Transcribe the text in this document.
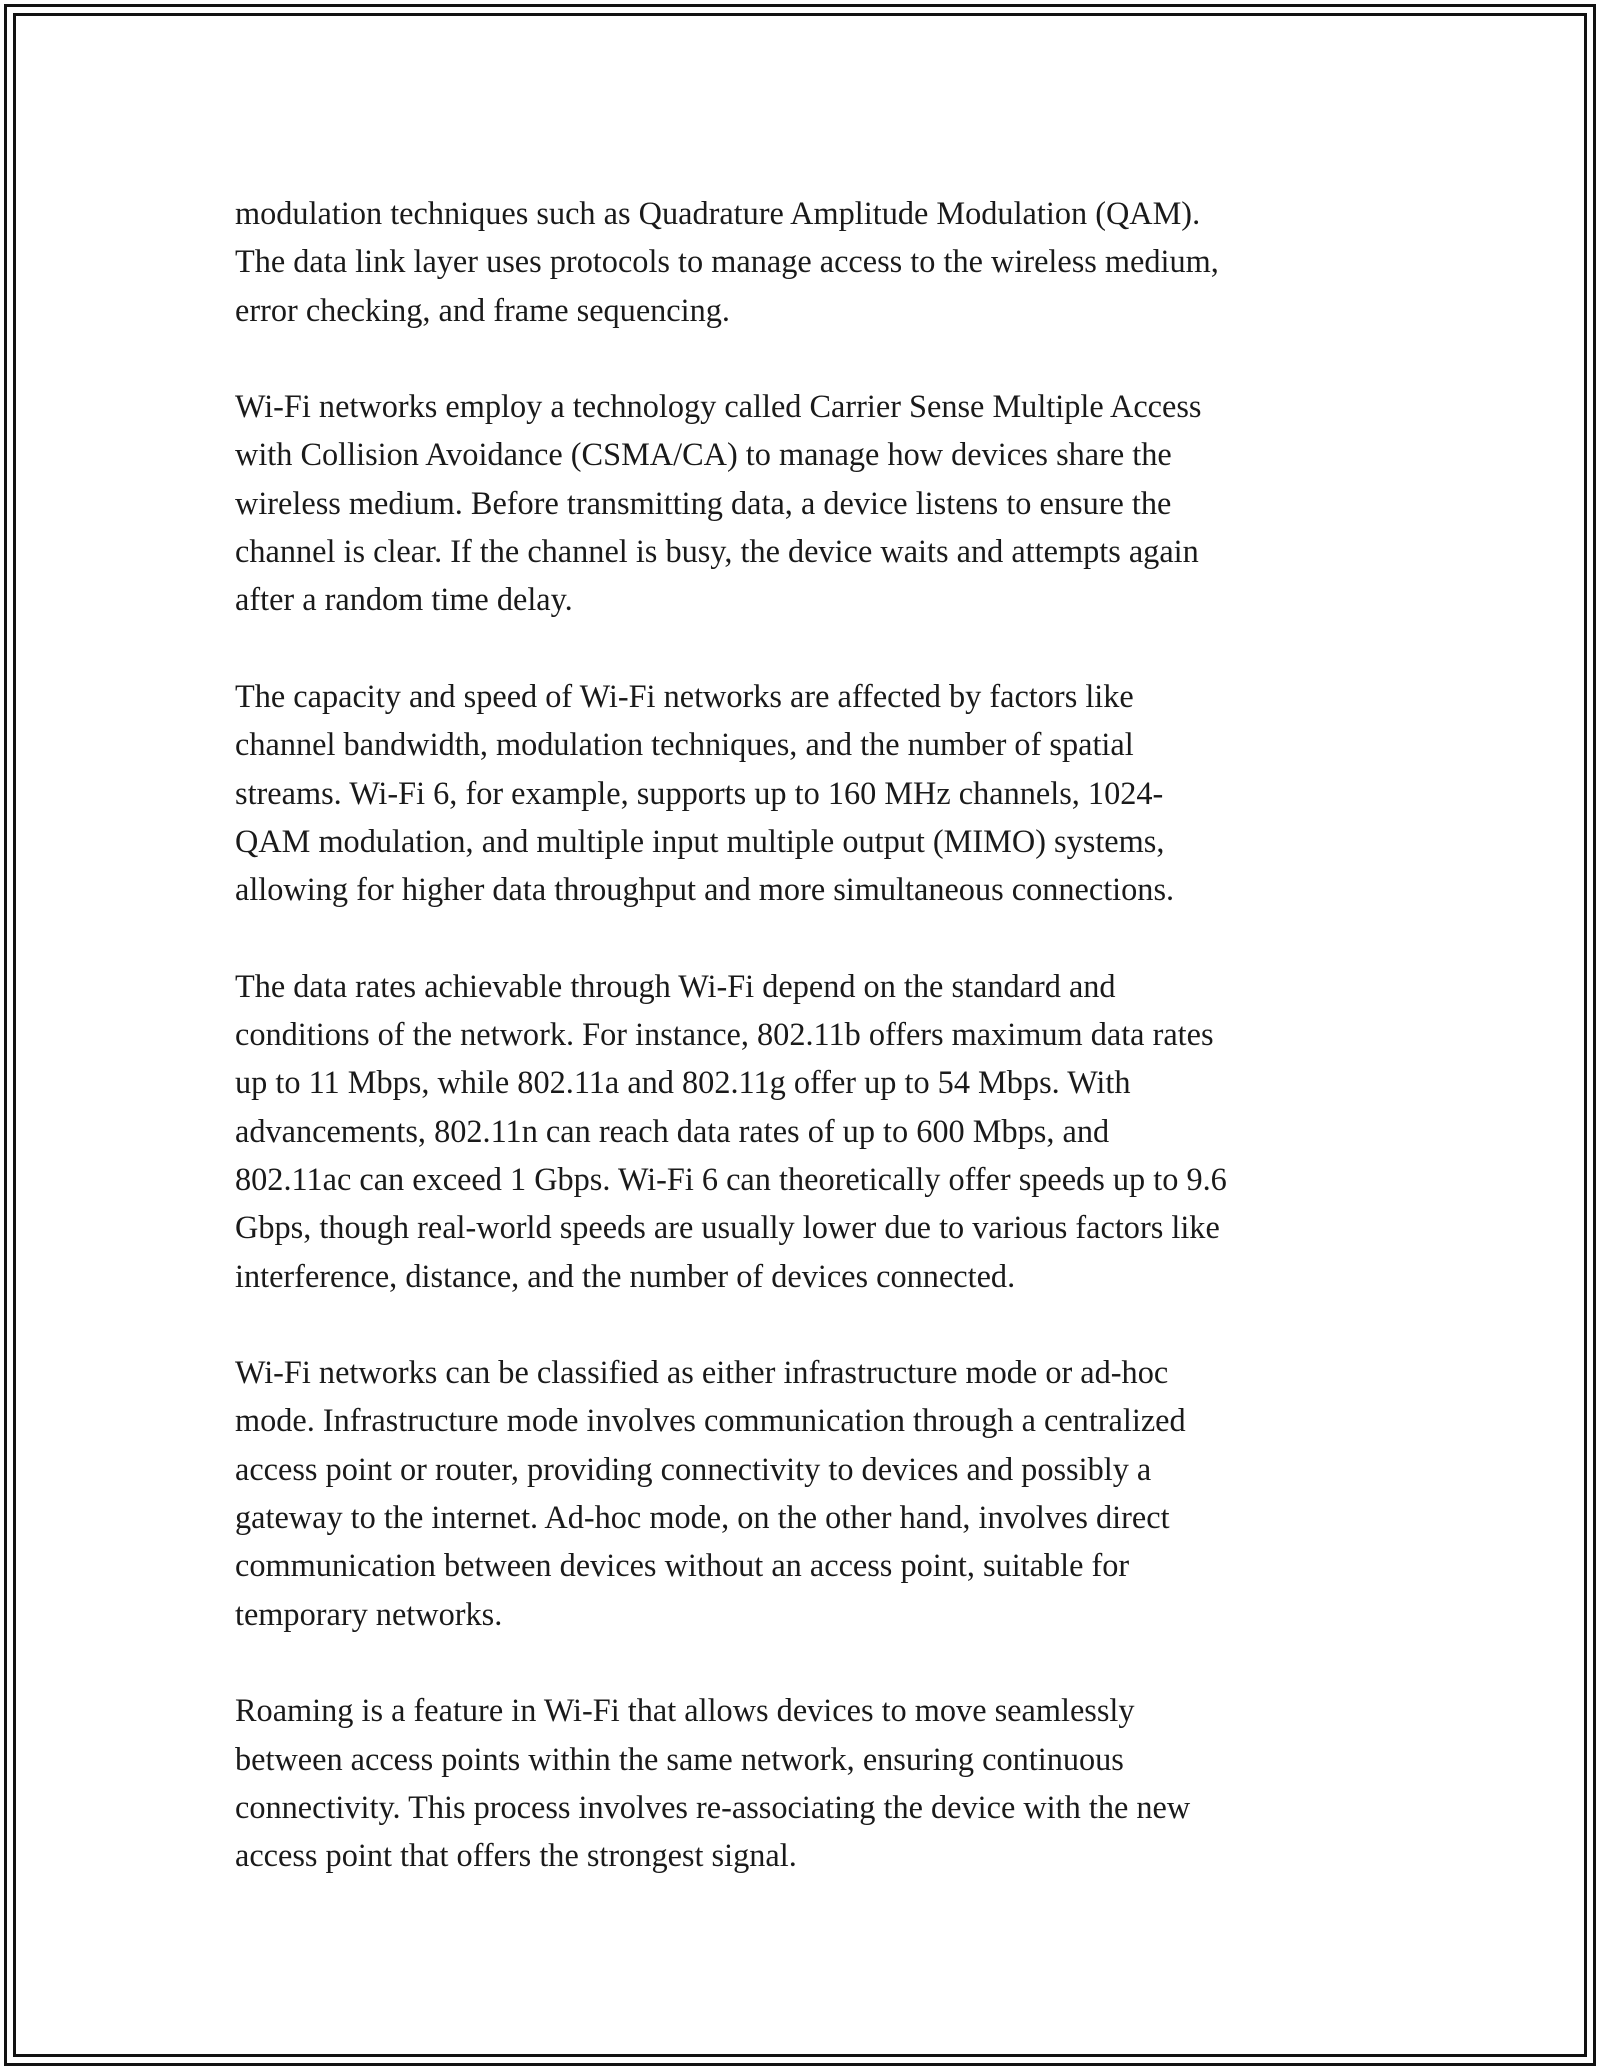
modulation techniques such as Quadrature Amplitude Modulation (QAM).
The data link layer uses protocols to manage access to the wireless medium,
error checking, and frame sequencing.

Wi-Fi networks employ a technology called Carrier Sense Multiple Access
with Collision Avoidance (CSMA/CA) to manage how devices share the
wireless medium. Before transmitting data, a device listens to ensure the
channel is clear. If the channel is busy, the device waits and attempts again
after a random time delay.

The capacity and speed of Wi-Fi networks are affected by factors like
channel bandwidth, modulation techniques, and the number of spatial
streams. Wi-Fi 6, for example, supports up to 160 MHz channels, 1024-
QAM modulation, and multiple input multiple output (MIMO) systems,
allowing for higher data throughput and more simultaneous connections.

The data rates achievable through Wi-Fi depend on the standard and
conditions of the network. For instance, 802.11b offers maximum data rates
up to 11 Mbps, while 802.11a and 802.11g offer up to 54 Mbps. With
advancements, 802.11n can reach data rates of up to 600 Mbps, and
802.11ac can exceed 1 Gbps. Wi-Fi 6 can theoretically offer speeds up to 9.6
Gbps, though real-world speeds are usually lower due to various factors like
interference, distance, and the number of devices connected.

Wi-Fi networks can be classified as either infrastructure mode or ad-hoc
mode. Infrastructure mode involves communication through a centralized
access point or router, providing connectivity to devices and possibly a
gateway to the internet. Ad-hoc mode, on the other hand, involves direct
communication between devices without an access point, suitable for
temporary networks.

Roaming is a feature in Wi-Fi that allows devices to move seamlessly
between access points within the same network, ensuring continuous
connectivity. This process involves re-associating the device with the new
access point that offers the strongest signal.
